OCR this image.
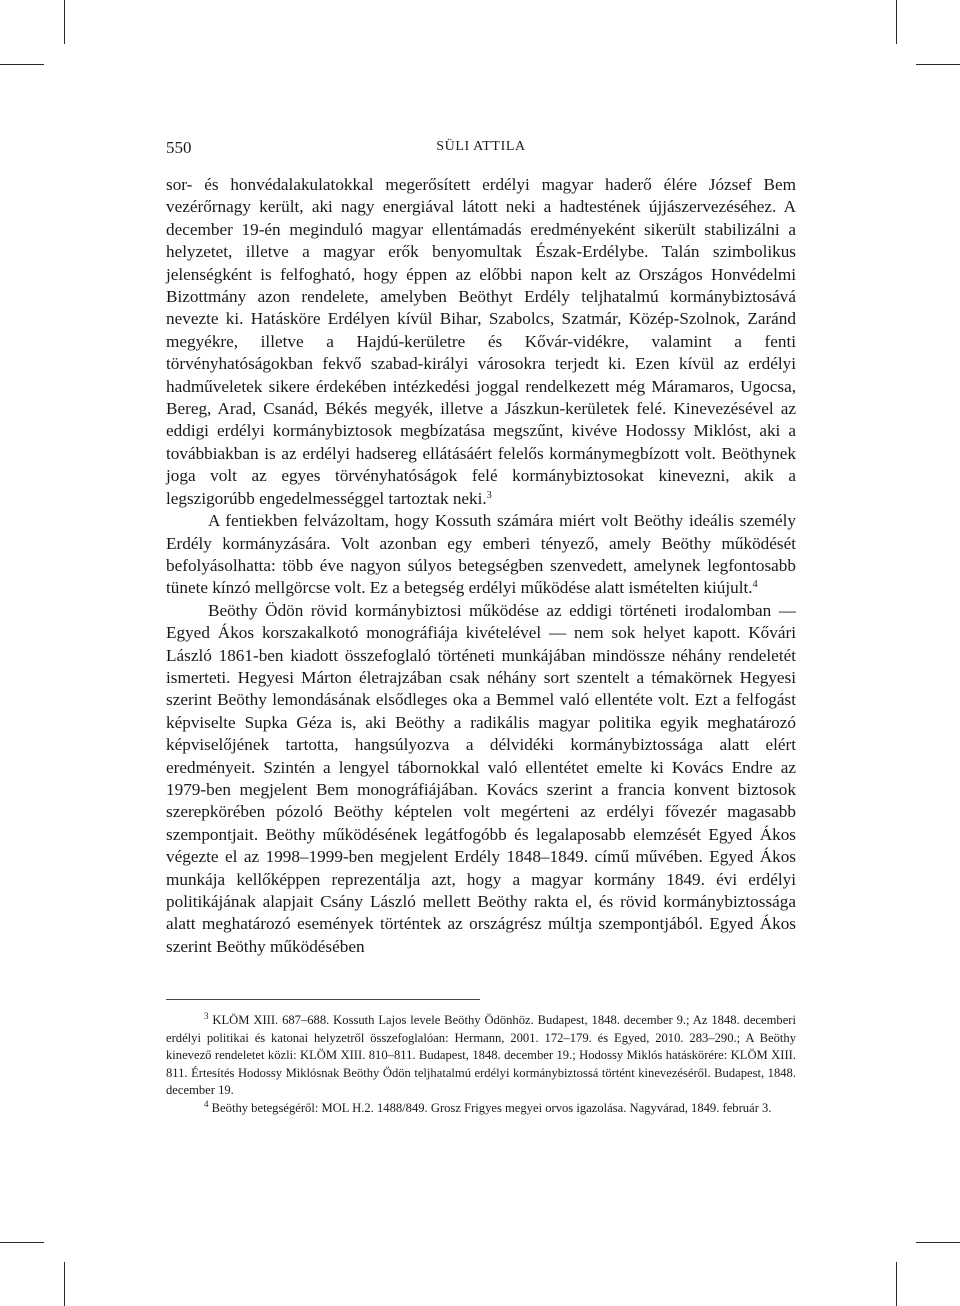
550	SÜLI ATTILA

sor- és honvédalakulatokkal megerősített erdélyi magyar haderő élére József Bem vezérőrnagy került, aki nagy energiával látott neki a hadtestének újjászervezéséhez. A december 19-én meginduló magyar ellentámadás eredményeként sikerült stabilizálni a helyzetet, illetve a magyar erők benyomultak Észak-Erdélybe. Talán szimbolikus jelenségként is felfogható, hogy éppen az előbbi napon kelt az Országos Honvédelmi Bizottmány azon rendelete, amelyben Beöthyt Erdély teljhatalmú kormánybiztosává nevezte ki. Hatásköre Erdélyen kívül Bihar, Szabolcs, Szatmár, Közép-Szolnok, Zaránd megyékre, illetve a Hajdú-kerületre és Kővár-vidékre, valamint a fenti törvényhatóságokban fekvő szabad-királyi városokra terjedt ki. Ezen kívül az erdélyi hadműveletek sikere érdekében intézkedési joggal rendelkezett még Máramaros, Ugocsa, Bereg, Arad, Csanád, Békés megyék, illetve a Jászkun-kerületek felé. Kinevezésével az eddigi erdélyi kormánybiztosok megbízatása megszűnt, kivéve Hodossy Miklóst, aki a továbbiakban is az erdélyi hadsereg ellátásáért felelős kormánymegbízott volt. Beöthynek joga volt az egyes törvényhatóságok felé kormánybiztosokat kinevezni, akik a legszigorúbb engedelmességgel tartoztak neki.$^3$

A fentiekben felvázoltam, hogy Kossuth számára miért volt Beöthy ideális személy Erdély kormányzására. Volt azonban egy emberi tényező, amely Beöthy működését befolyásolhatta: több éve nagyon súlyos betegségben szenvedett, amelynek legfontosabb tünete kínzó mellgörcse volt. Ez a betegség erdélyi működése alatt ismételten kiújult.$^4$

Beöthy Ödön rövid kormánybiztosi működése az eddigi történeti irodalomban — Egyed Ákos korszakalkotó monográfiája kivételével — nem sok helyet kapott. Kővári László 1861-ben kiadott összefoglaló történeti munkájában mindössze néhány rendeletét ismerteti. Hegyesi Márton életrajzában csak néhány sort szentelt a témakörnek Hegyesi szerint Beöthy lemondásának elsődleges oka a Bemmel való ellentéte volt. Ezt a felfogást képviselte Supka Géza is, aki Beöthy a radikális magyar politika egyik meghatározó képviselőjének tartotta, hangsúlyozva a délvidéki kormánybiztossága alatt elért eredményeit. Szintén a lengyel tábornokkal való ellentétet emelte ki Kovács Endre az 1979-ben megjelent Bem monográfiájában. Kovács szerint a francia konvent biztosok szerepkörében pózoló Beöthy képtelen volt megérteni az erdélyi fővezér magasabb szempontjait. Beöthy működésének legátfogóbb és legalaposabb elemzését Egyed Ákos végezte el az 1998–1999-ben megjelent Erdély 1848–1849. című művében. Egyed Ákos munkája kellőképpen reprezentálja azt, hogy a magyar kormány 1849. évi erdélyi politikájának alapjait Csány László mellett Beöthy rakta el, és rövid kormánybiztossága alatt meghatározó események történtek az országrész múltja szempontjából. Egyed Ákos szerint Beöthy működésében

$^3$ KLÖM XIII. 687–688. Kossuth Lajos levele Beöthy Ödönhöz. Budapest, 1848. december 9.; Az 1848. decemberi erdélyi politikai és katonai helyzetről összefoglalóan: Hermann, 2001. 172–179. és Egyed, 2010. 283–290.; A Beöthy kinevező rendeletet közli: KLÖM XIII. 810–811. Budapest, 1848. december 19.; Hodossy Miklós hatáskörére: KLÖM XIII. 811. Értesítés Hodossy Miklósnak Beöthy Ödön teljhatalmú erdélyi kormánybiztossá történt kinevezéséről. Budapest, 1848. december 19.

$^4$ Beöthy betegségéről: MOL H.2. 1488/849. Grosz Frigyes megyei orvos igazolása. Nagyvárad, 1849. február 3.
